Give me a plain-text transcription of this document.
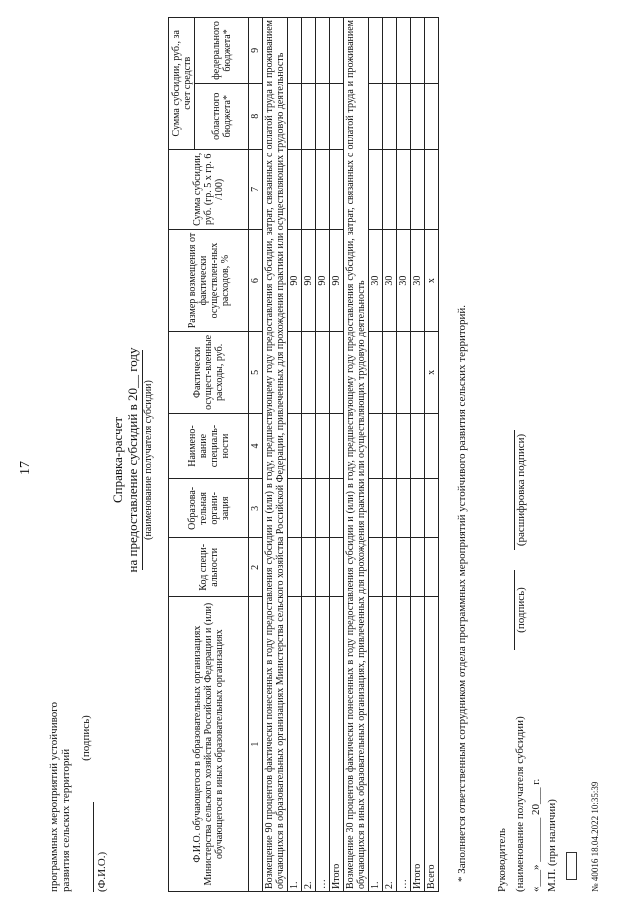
17
программных мероприятий устойчивого развития сельских территорий (Ф.И.О.)
(подпись)
Справка-расчет на предоставление субсидий в 20__ году (наименование получателя субсидии)
Ф.И.О. обучающегося в образовательных организациях Министерства сельского хозяйства Российской Федерации и (или) обучающегося в иных образовательных организациях	Код специ-альности	Образова-тельная органи-зация	Наимено-вание специаль-ности	Фактически осущест-вленные расходы, руб.	Размер возмещения от фактически осуществлен-ных расходов, %	Сумма субсидии, руб. (гр. 5 х гр. 6 /100)	Сумма субсидии, руб., за счет средств	
							областного бюджета*	федерального бюджета*
1	2	3	4	5	6	7	8	9
Возмещение 90 процентов фактически понесенных в году предоставления субсидии и (или) в году, предшествующему году предоставления субсидии, затрат, связанных с оплатой труда и проживанием обучающихся в образовательных организациях Министерства сельского хозяйства Российской Федерации, привлеченных для прохождения практики или осуществляющих трудовую деятельность								
1.					90			
2.					90			
…					90			
Итого					90			
Возмещение 30 процентов фактически понесенных в году предоставления субсидии и (или) в году, предшествующему году предоставления субсидии, затрат, связанных с оплатой труда и проживанием обучающихся в иных образовательных организациях, привлеченных для прохождения практики или осуществляющих трудовую деятельность								
1.					30			
2.					30			
…					30			
Итого					30			
Всего				х	х			
* Заполняется ответственным сотрудником отдела программных мероприятий устойчивого развития сельских территорий.	Руководитель (наименование получателя субсидии)
(подпись)
(расшифровка подписи)
«___» ________ 20___ г. М.П. (при наличии)	№ 40016 18.04.2022 10:35:39
